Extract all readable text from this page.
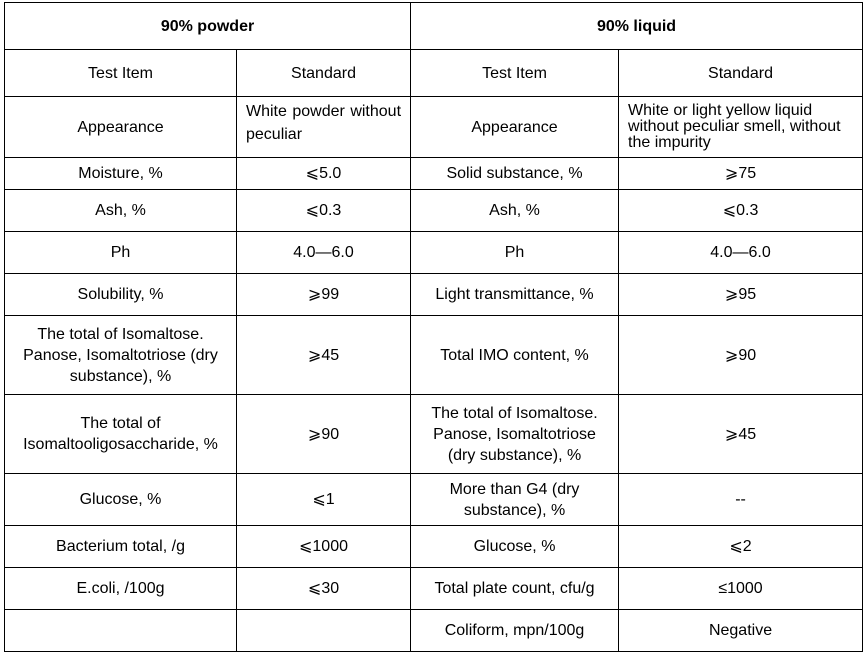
90% powder		90% liquid	
Test Item	Standard	Test Item	Standard
Appearance	White powder without peculiar	Appearance	White or light yellow liquid without peculiar smell, without the impurity
Moisture, %	⩽5.0	Solid substance, %	⩾75
Ash, %	⩽0.3	Ash, %	⩽0.3
Ph	4.0—6.0	Ph	4.0—6.0
Solubility, %	⩾99	Light transmittance, %	⩾95
The total of Isomaltose. Panose, Isomaltotriose (dry substance), %	⩾45	Total IMO content, %	⩾90
The total of Isomaltooligosaccharide, %	⩾90	The total of Isomaltose. Panose, Isomaltotriose (dry substance), %	⩾45
Glucose, %	⩽1	More than G4 (dry substance), %	--
Bacterium total, /g	⩽1000	Glucose, %	⩽2
E.coli, /100g	⩽30	Total plate count, cfu/g	≤1000
		Coliform, mpn/100g	Negative
